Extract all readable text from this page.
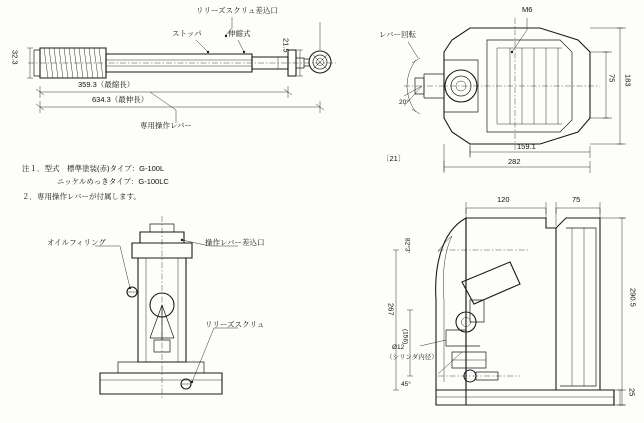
リリーズスクリュ差込口
ストッパ	伸縮式
専用操作レバー
32.3
21.5
359.3（最縮長）
634.3（最伸長）
レバー回転
M6
20°
75 183
159.1
282
〔21〕
オイルフィリング	操作レバー差込口
リリーズスクリュ
82°3′
Ø12
（シリンダ内径）
45°
120	75
290.5
267
(156)
25
注１．型式　標準塗装(赤)タイプ：G-100L
ニッケルめっきタイプ：G-100LC
２．専用操作レバーが付属します。
